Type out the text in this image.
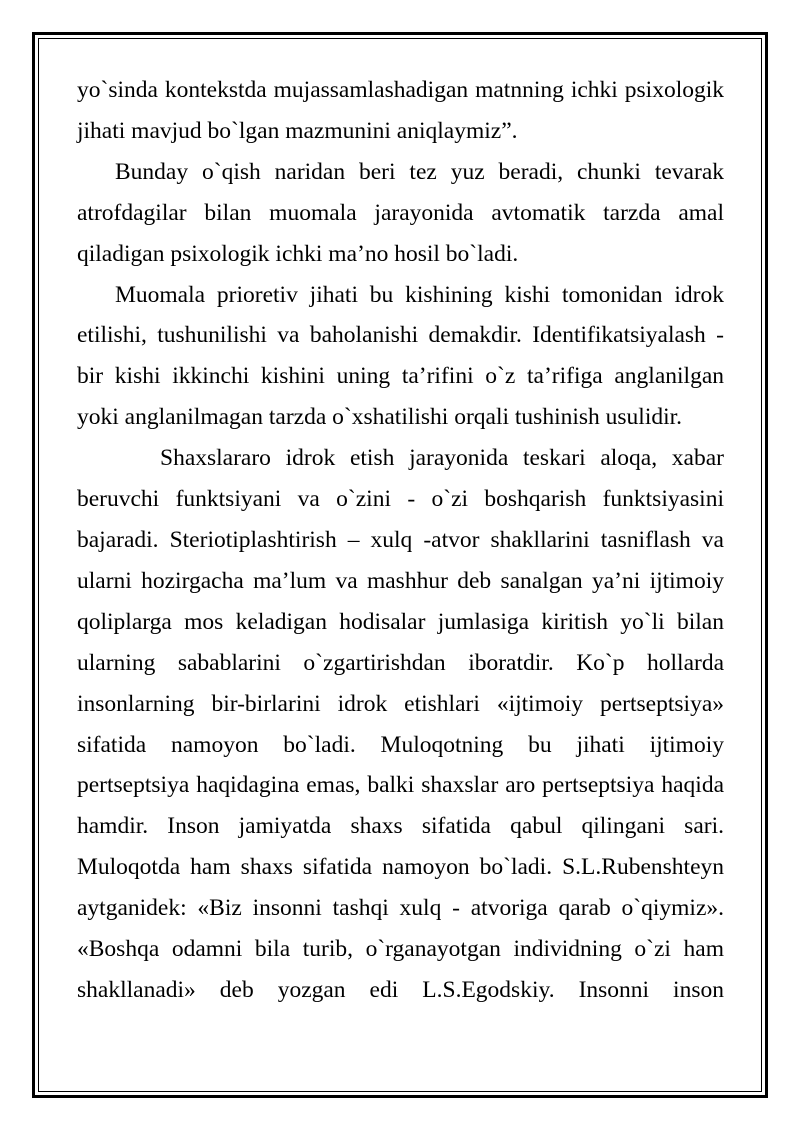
yo`sinda kontekstda mujassamlashadigan matnning ichki psixologik jihati mavjud bo`lgan mazmunini aniqlaymiz”.

Bunday o`qish naridan beri tez yuz beradi, chunki tevarak atrofdagilar bilan muomala jarayonida avtomatik tarzda amal qiladigan psixologik ichki ma’no hosil bo`ladi.

Muomala prioretiv jihati bu kishining kishi tomonidan idrok etilishi, tushunilishi va baholanishi demakdir. Identifikatsiyalash - bir kishi ikkinchi kishini uning ta’rifini o`z ta’rifiga anglanilgan yoki anglanilmagan tarzda o`xshatilishi orqali tushinish usulidir.

Shaxslararo idrok etish jarayonida teskari aloqa, xabar beruvchi funktsiyani va o`zini - o`zi boshqarish funktsiyasini bajaradi. Steriotiplashtirish – xulq -atvor shakllarini tasniflash va ularni hozirgacha ma’lum va mashhur deb sanalgan ya’ni ijtimoiy qoliplarga mos keladigan hodisalar jumlasiga kiritish yo`li bilan ularning sabablarini o`zgartirishdan iboratdir. Ko`p hollarda insonlarning bir-birlarini idrok etishlari «ijtimoiy pertseptsiya» sifatida namoyon bo`ladi. Muloqotning bu jihati ijtimoiy pertseptsiya haqidagina emas, balki shaxslar aro pertseptsiya haqida hamdir. Inson jamiyatda shaxs sifatida qabul qilingani sari. Muloqotda ham shaxs sifatida namoyon bo`ladi. S.L.Rubenshteyn aytganidek: «Biz insonni tashqi xulq - atvoriga qarab o`qiymiz». «Boshqa odamni bila turib, o`rganayotgan individning o`zi ham shakllanadi» deb yozgan edi L.S.Egodskiy. Insonni inson
